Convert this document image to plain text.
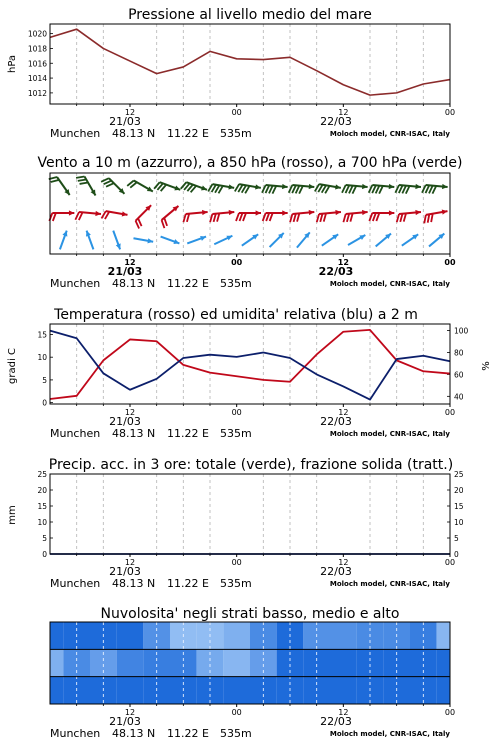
Pressione al livello medio del mare
Vento a 10 m (azzurro), a 850 hPa (rosso), a 700 hPa (verde)
Temperatura (rosso) ed umidita' relativa (blu) a 2 m
Precip. acc. in 3 ore: totale (verde), frazione solida (tratt.)
Nuvolosita' negli strati basso, medio e alto
hPa
gradi C	%
mm
1012
1014
1016
1018
1020
12	00	12	00
21/03	22/03
Munchen 48.13 N 11.22 E 535m	Moloch model, CNR-ISAC, Italy
12	00	12	00
21/03	22/03
Munchen 48.13 N 11.22 E 535m	Moloch model, CNR-ISAC, Italy
0
5
10
15
40
60
80
100
12	00	12	00
21/03	22/03
Munchen 48.13 N 11.22 E 535m	Moloch model, CNR-ISAC, Italy
0
5
10
15
20
25
0
5
10
15
20
25
12	00	12	00
21/03	22/03
Munchen 48.13 N 11.22 E 535m	Moloch model, CNR-ISAC, Italy
12	00	12	00
21/03	22/03
Munchen 48.13 N 11.22 E 535m	Moloch model, CNR-ISAC, Italy
